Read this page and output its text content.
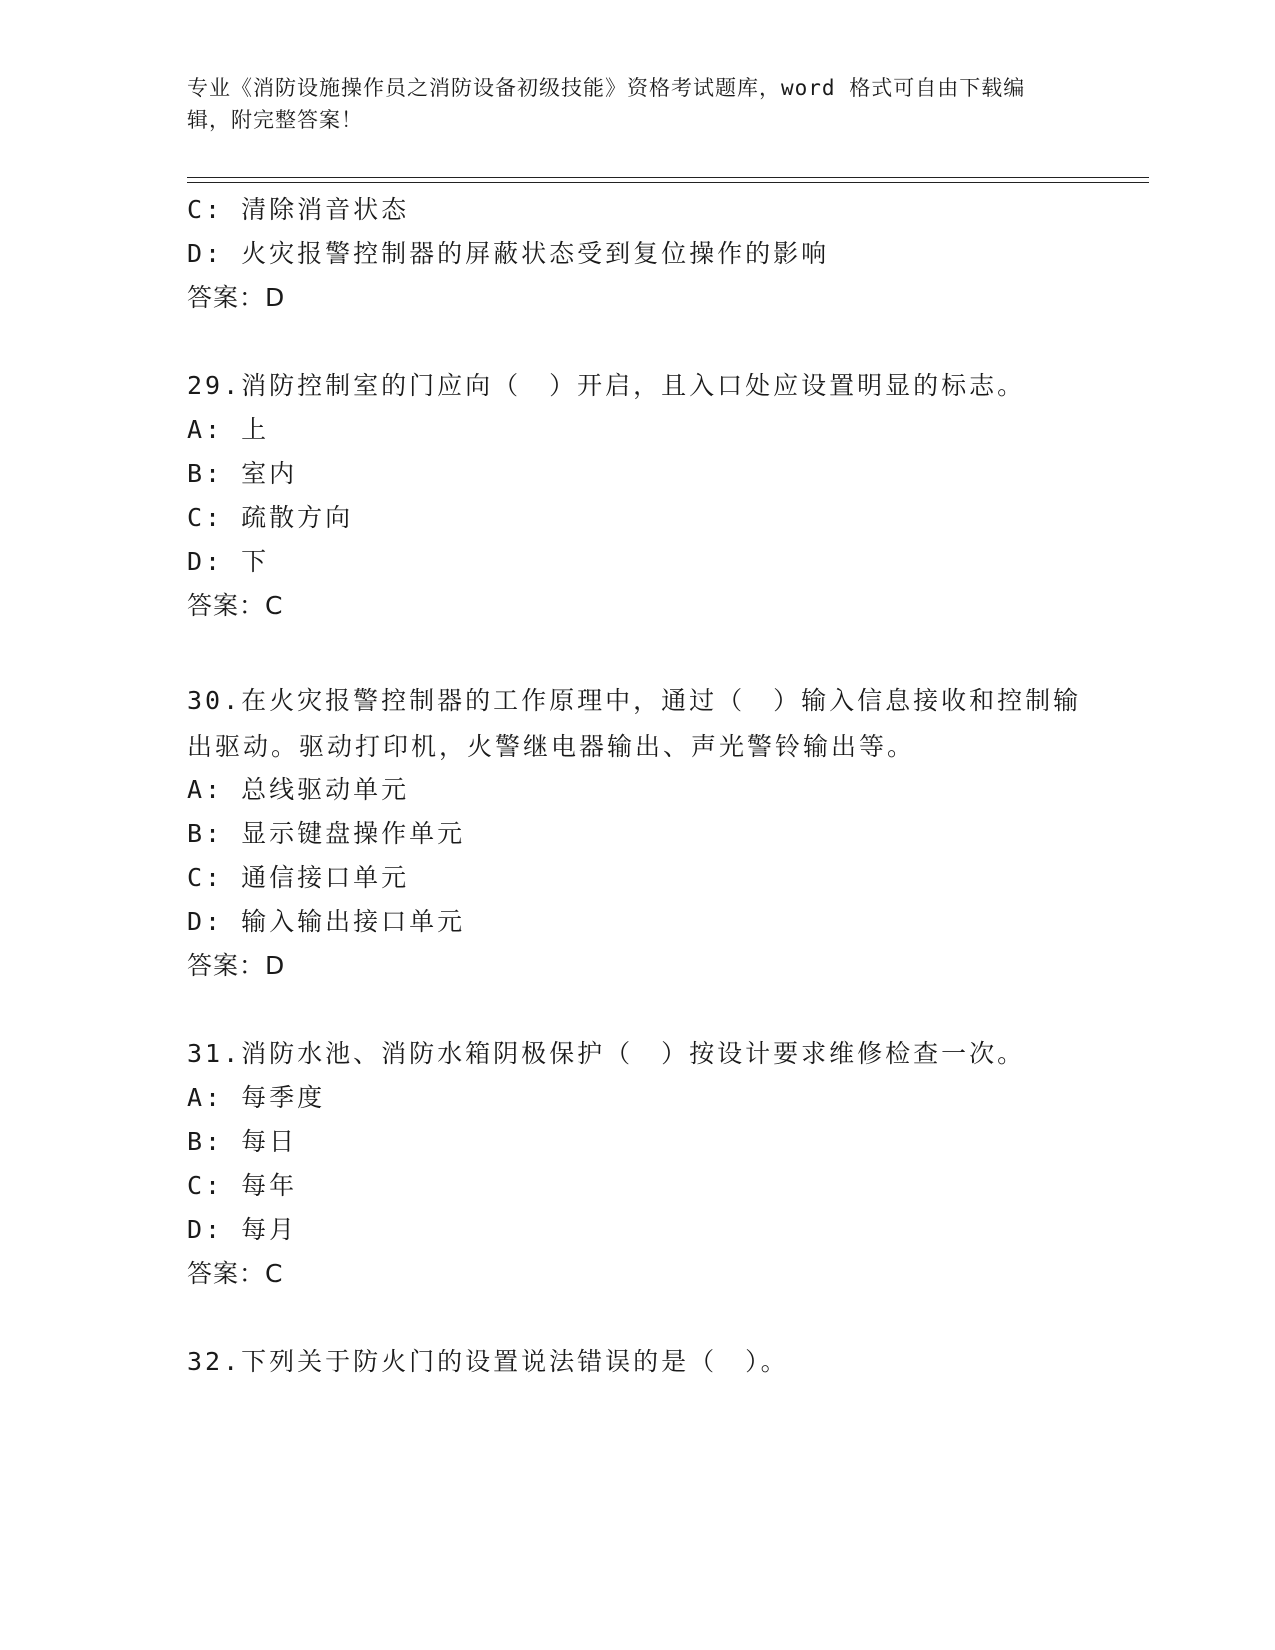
专业《消防设施操作员之消防设备初级技能》资格考试题库，word 格式可自由下载编辑，附完整答案！
C: 清除消音状态
D: 火灾报警控制器的屏蔽状态受到复位操作的影响
答案：D
29.消防控制室的门应向（　）开启，且入口处应设置明显的标志。
A: 上
B: 室内
C: 疏散方向
D: 下
答案：C
30.在火灾报警控制器的工作原理中，通过（　）输入信息接收和控制输出驱动。驱动打印机，火警继电器输出、声光警铃输出等。
A: 总线驱动单元
B: 显示键盘操作单元
C: 通信接口单元
D: 输入输出接口单元
答案：D
31.消防水池、消防水箱阴极保护（　）按设计要求维修检查一次。
A: 每季度
B: 每日
C: 每年
D: 每月
答案：C
32.下列关于防火门的设置说法错误的是（　）。
